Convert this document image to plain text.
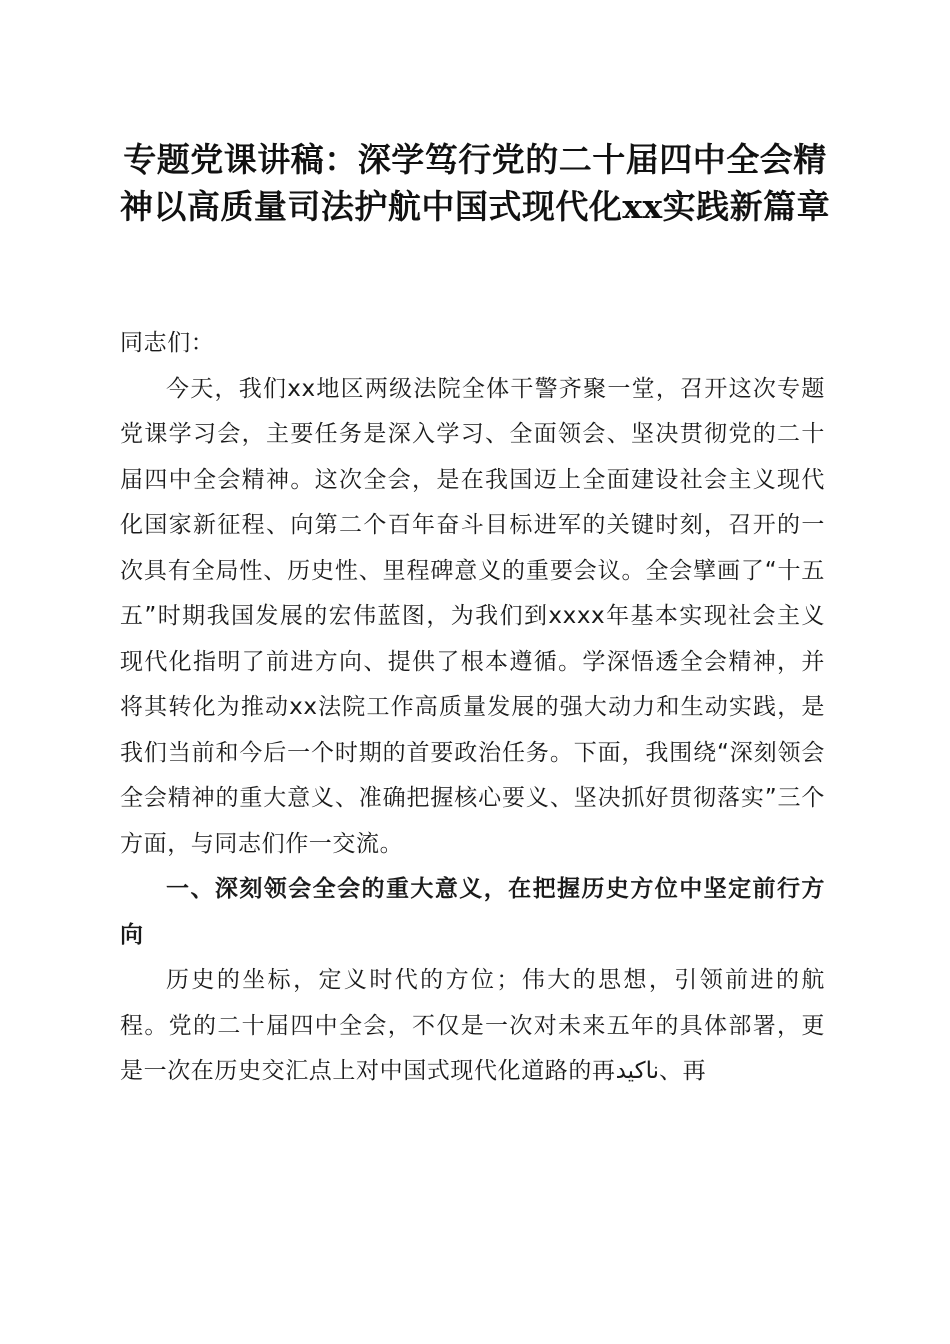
专题党课讲稿：深学笃行党的二十届四中全会精神以高质量司法护航中国式现代化xx实践新篇章

同志们：

今天，我们xx地区两级法院全体干警齐聚一堂，召开这次专题党课学习会，主要任务是深入学习、全面领会、坚决贯彻党的二十届四中全会精神。这次全会，是在我国迈上全面建设社会主义现代化国家新征程、向第二个百年奋斗目标进军的关键时刻，召开的一次具有全局性、历史性、里程碑意义的重要会议。全会擘画了“十五五”时期我国发展的宏伟蓝图，为我们到xxxx年基本实现社会主义现代化指明了前进方向、提供了根本遵循。学深悟透全会精神，并将其转化为推动xx法院工作高质量发展的强大动力和生动实践，是我们当前和今后一个时期的首要政治任务。下面，我围绕“深刻领会全会精神的重大意义、准确把握核心要义、坚决抓好贯彻落实”三个方面，与同志们作一交流。

一、深刻领会全会的重大意义，在把握历史方位中坚定前行方向

历史的坐标，定义时代的方位；伟大的思想，引领前进的航程。党的二十届四中全会，不仅是一次对未来五年的具体部署，更是一次在历史交汇点上对中国式现代化道路的再ناكيد、再
